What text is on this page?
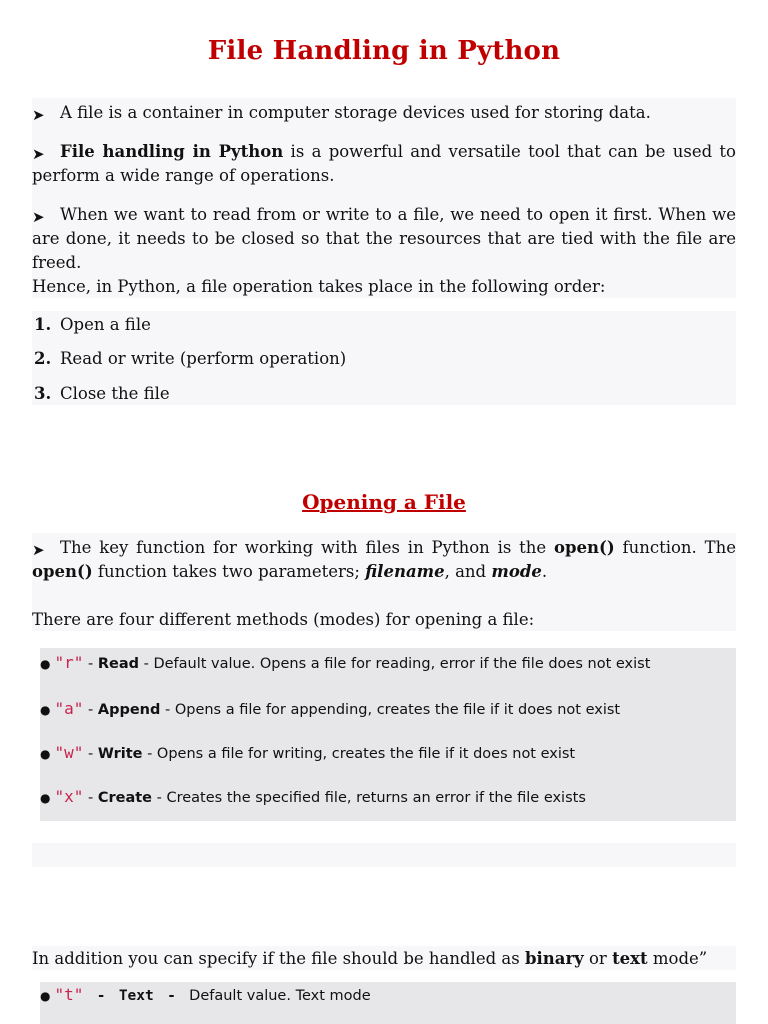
File Handling in Python
➤ A file is a container in computer storage devices used for storing data.
➤ File handling in Python is a powerful and versatile tool that can be used to perform a wide range of operations.
➤ When we want to read from or write to a file, we need to open it first. When we are done, it needs to be closed so that the resources that are tied with the file are freed.
Hence, in Python, a file operation takes place in the following order:
1. Open a file
2. Read or write (perform operation)
3. Close the file
Opening a File
➤ The key function for working with files in Python is the open() function. The open() function takes two parameters; filename, and mode.
There are four different methods (modes) for opening a file:
● "r" - Read - Default value. Opens a file for reading, error if the file does not exist
● "a" - Append - Opens a file for appending, creates the file if it does not exist
● "w" - Write - Opens a file for writing, creates the file if it does not exist
● "x" - Create - Creates the specified file, returns an error if the file exists
In addition you can specify if the file should be handled as binary or text mode”
● "t"  -  Text  -  Default value. Text mode
